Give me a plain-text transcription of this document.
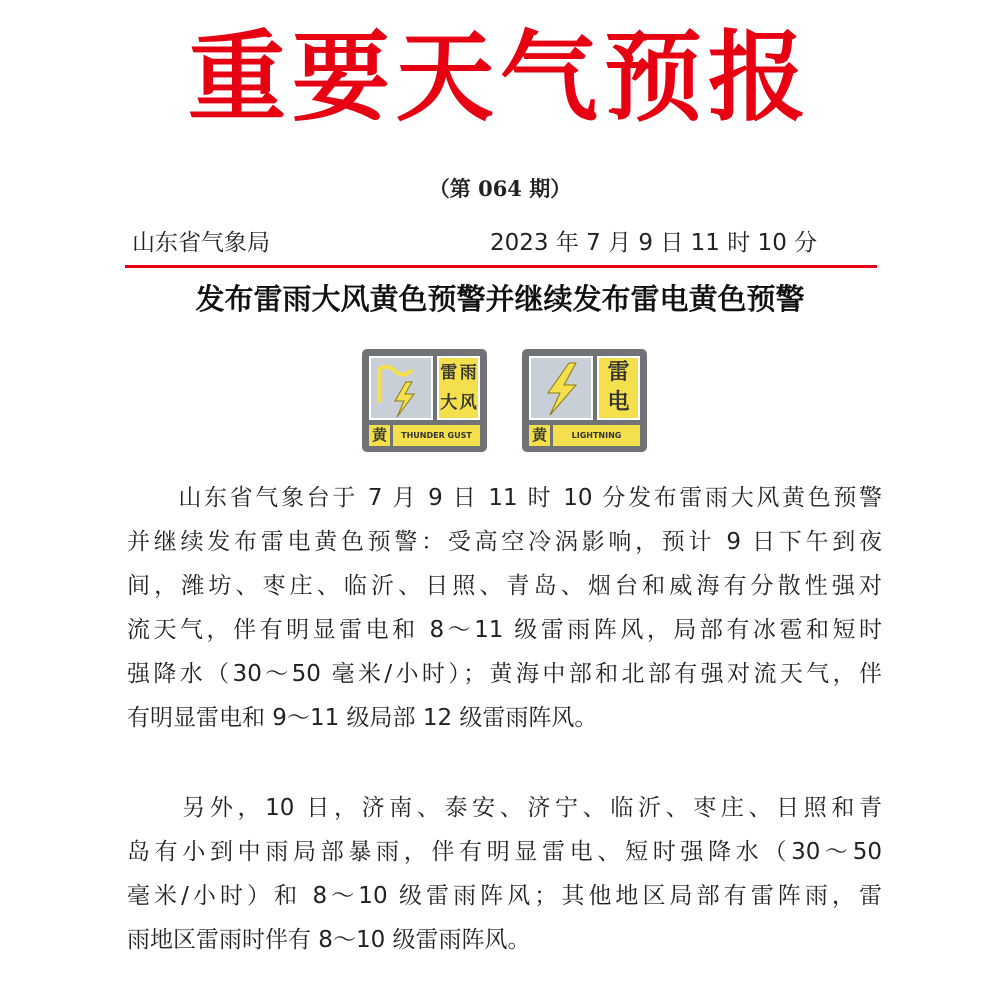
重要天气预报
（第 064 期）
山东省气象局	2023 年 7 月 9 日 11 时 10 分
发布雷雨大风黄色预警并继续发布雷电黄色预警
雷 雨
大 风
黄	THUNDER GUST
雷
电
黄	LIGHTNING
　　山东省气象台于 7 月 9 日 11 时 10 分发布雷雨大风黄色预警
并继续发布雷电黄色预警：受高空冷涡影响，预计 9 日下午到夜
间，潍坊、枣庄、临沂、日照、青岛、烟台和威海有分散性强对
流天气，伴有明显雷电和 8～11 级雷雨阵风，局部有冰雹和短时
强降水（30～50 毫米/小时）；黄海中部和北部有强对流天气，伴
有明显雷电和 9～11 级局部 12 级雷雨阵风。
　　另外，10 日，济南、泰安、济宁、临沂、枣庄、日照和青
岛有小到中雨局部暴雨，伴有明显雷电、短时强降水（30～50
毫米/小时）和 8～10 级雷雨阵风；其他地区局部有雷阵雨，雷
雨地区雷雨时伴有 8～10 级雷雨阵风。
